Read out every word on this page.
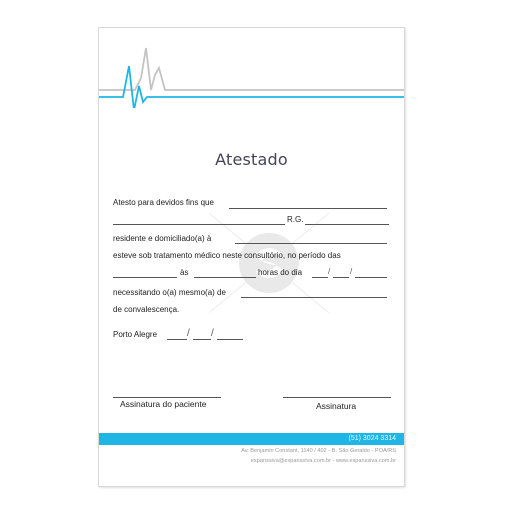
Atestado
Atesto para devidos fins que
R.G.
residente e domiciliado(a) à
esteve sob tratamento médico neste consultório, no período das
às	horas do dia	/ /
necessitando o(a) mesmo(a) de
de convalescença.
Porto Alegre	/ /
Assinatura do paciente	Assinatura
(51) 3024 3314
Av. Benjamin Constant, 1140 / 402 - B. São Geraldo - POA/RS
expanssiva@expanssiva.com.br - www.expanssiva.com.br
